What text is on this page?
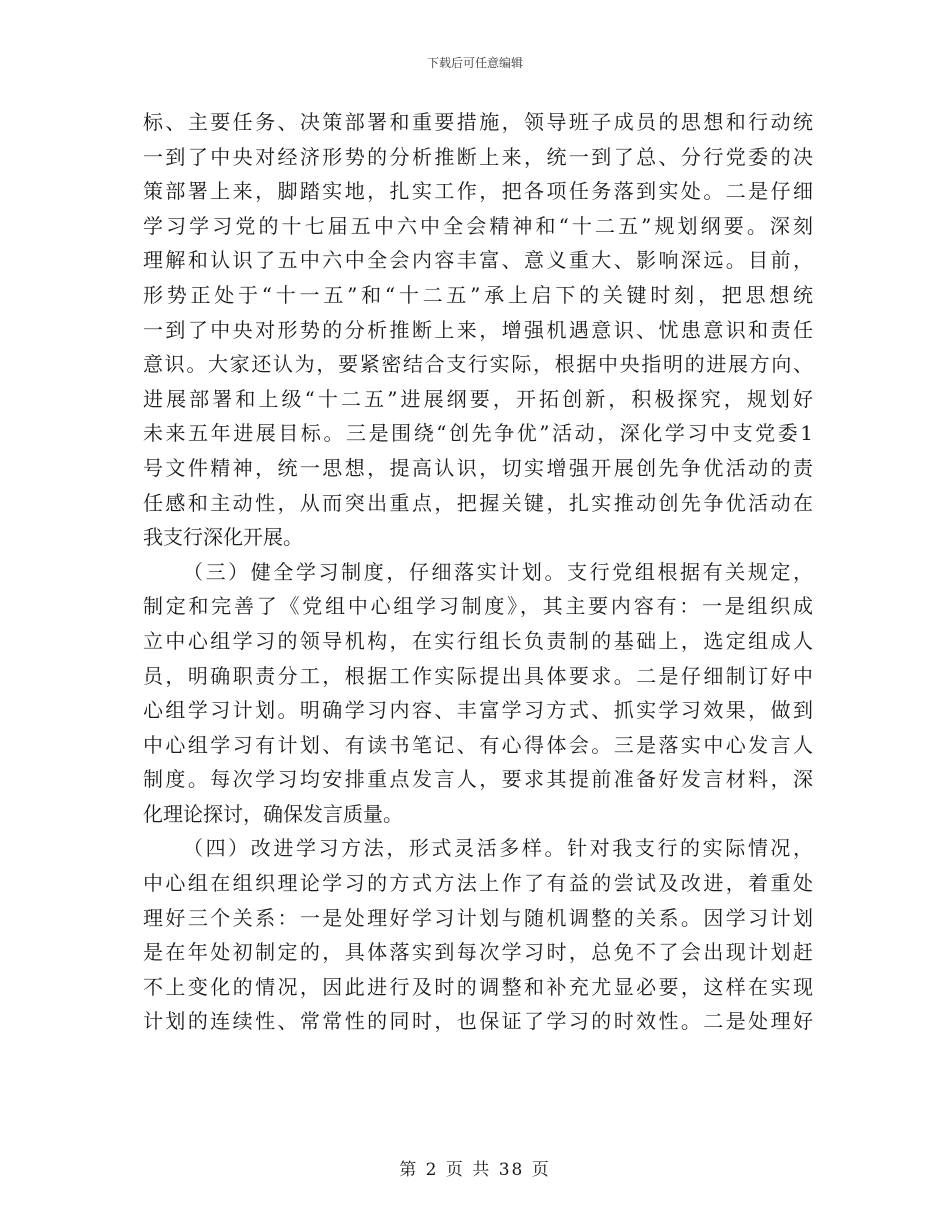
下载后可任意编辑
标、主要任务、决策部署和重要措施，领导班子成员的思想和行动统
一到了中央对经济形势的分析推断上来，统一到了总、分行党委的决
策部署上来，脚踏实地，扎实工作，把各项任务落到实处。二是仔细
学习学习党的十七届五中六中全会精神和“十二五”规划纲要。深刻
理解和认识了五中六中全会内容丰富、意义重大、影响深远。目前，
形势正处于“十一五”和“十二五”承上启下的关键时刻，把思想统
一到了中央对形势的分析推断上来，增强机遇意识、忧患意识和责任
意识。大家还认为，要紧密结合支行实际，根据中央指明的进展方向、
进展部署和上级“十二五”进展纲要，开拓创新，积极探究，规划好
未来五年进展目标。三是围绕“创先争优”活动，深化学习中支党委1
号文件精神，统一思想，提高认识，切实增强开展创先争优活动的责
任感和主动性，从而突出重点，把握关键，扎实推动创先争优活动在
我支行深化开展。
（三）健全学习制度，仔细落实计划。支行党组根据有关规定，
制定和完善了《党组中心组学习制度》，其主要内容有：一是组织成
立中心组学习的领导机构，在实行组长负责制的基础上，选定组成人
员，明确职责分工，根据工作实际提出具体要求。二是仔细制订好中
心组学习计划。明确学习内容、丰富学习方式、抓实学习效果，做到
中心组学习有计划、有读书笔记、有心得体会。三是落实中心发言人
制度。每次学习均安排重点发言人，要求其提前准备好发言材料，深
化理论探讨，确保发言质量。
（四）改进学习方法，形式灵活多样。针对我支行的实际情况，
中心组在组织理论学习的方式方法上作了有益的尝试及改进，着重处
理好三个关系：一是处理好学习计划与随机调整的关系。因学习计划
是在年处初制定的，具体落实到每次学习时，总免不了会出现计划赶
不上变化的情况，因此进行及时的调整和补充尤显必要，这样在实现
计划的连续性、常常性的同时，也保证了学习的时效性。二是处理好
第 2 页 共 38 页
